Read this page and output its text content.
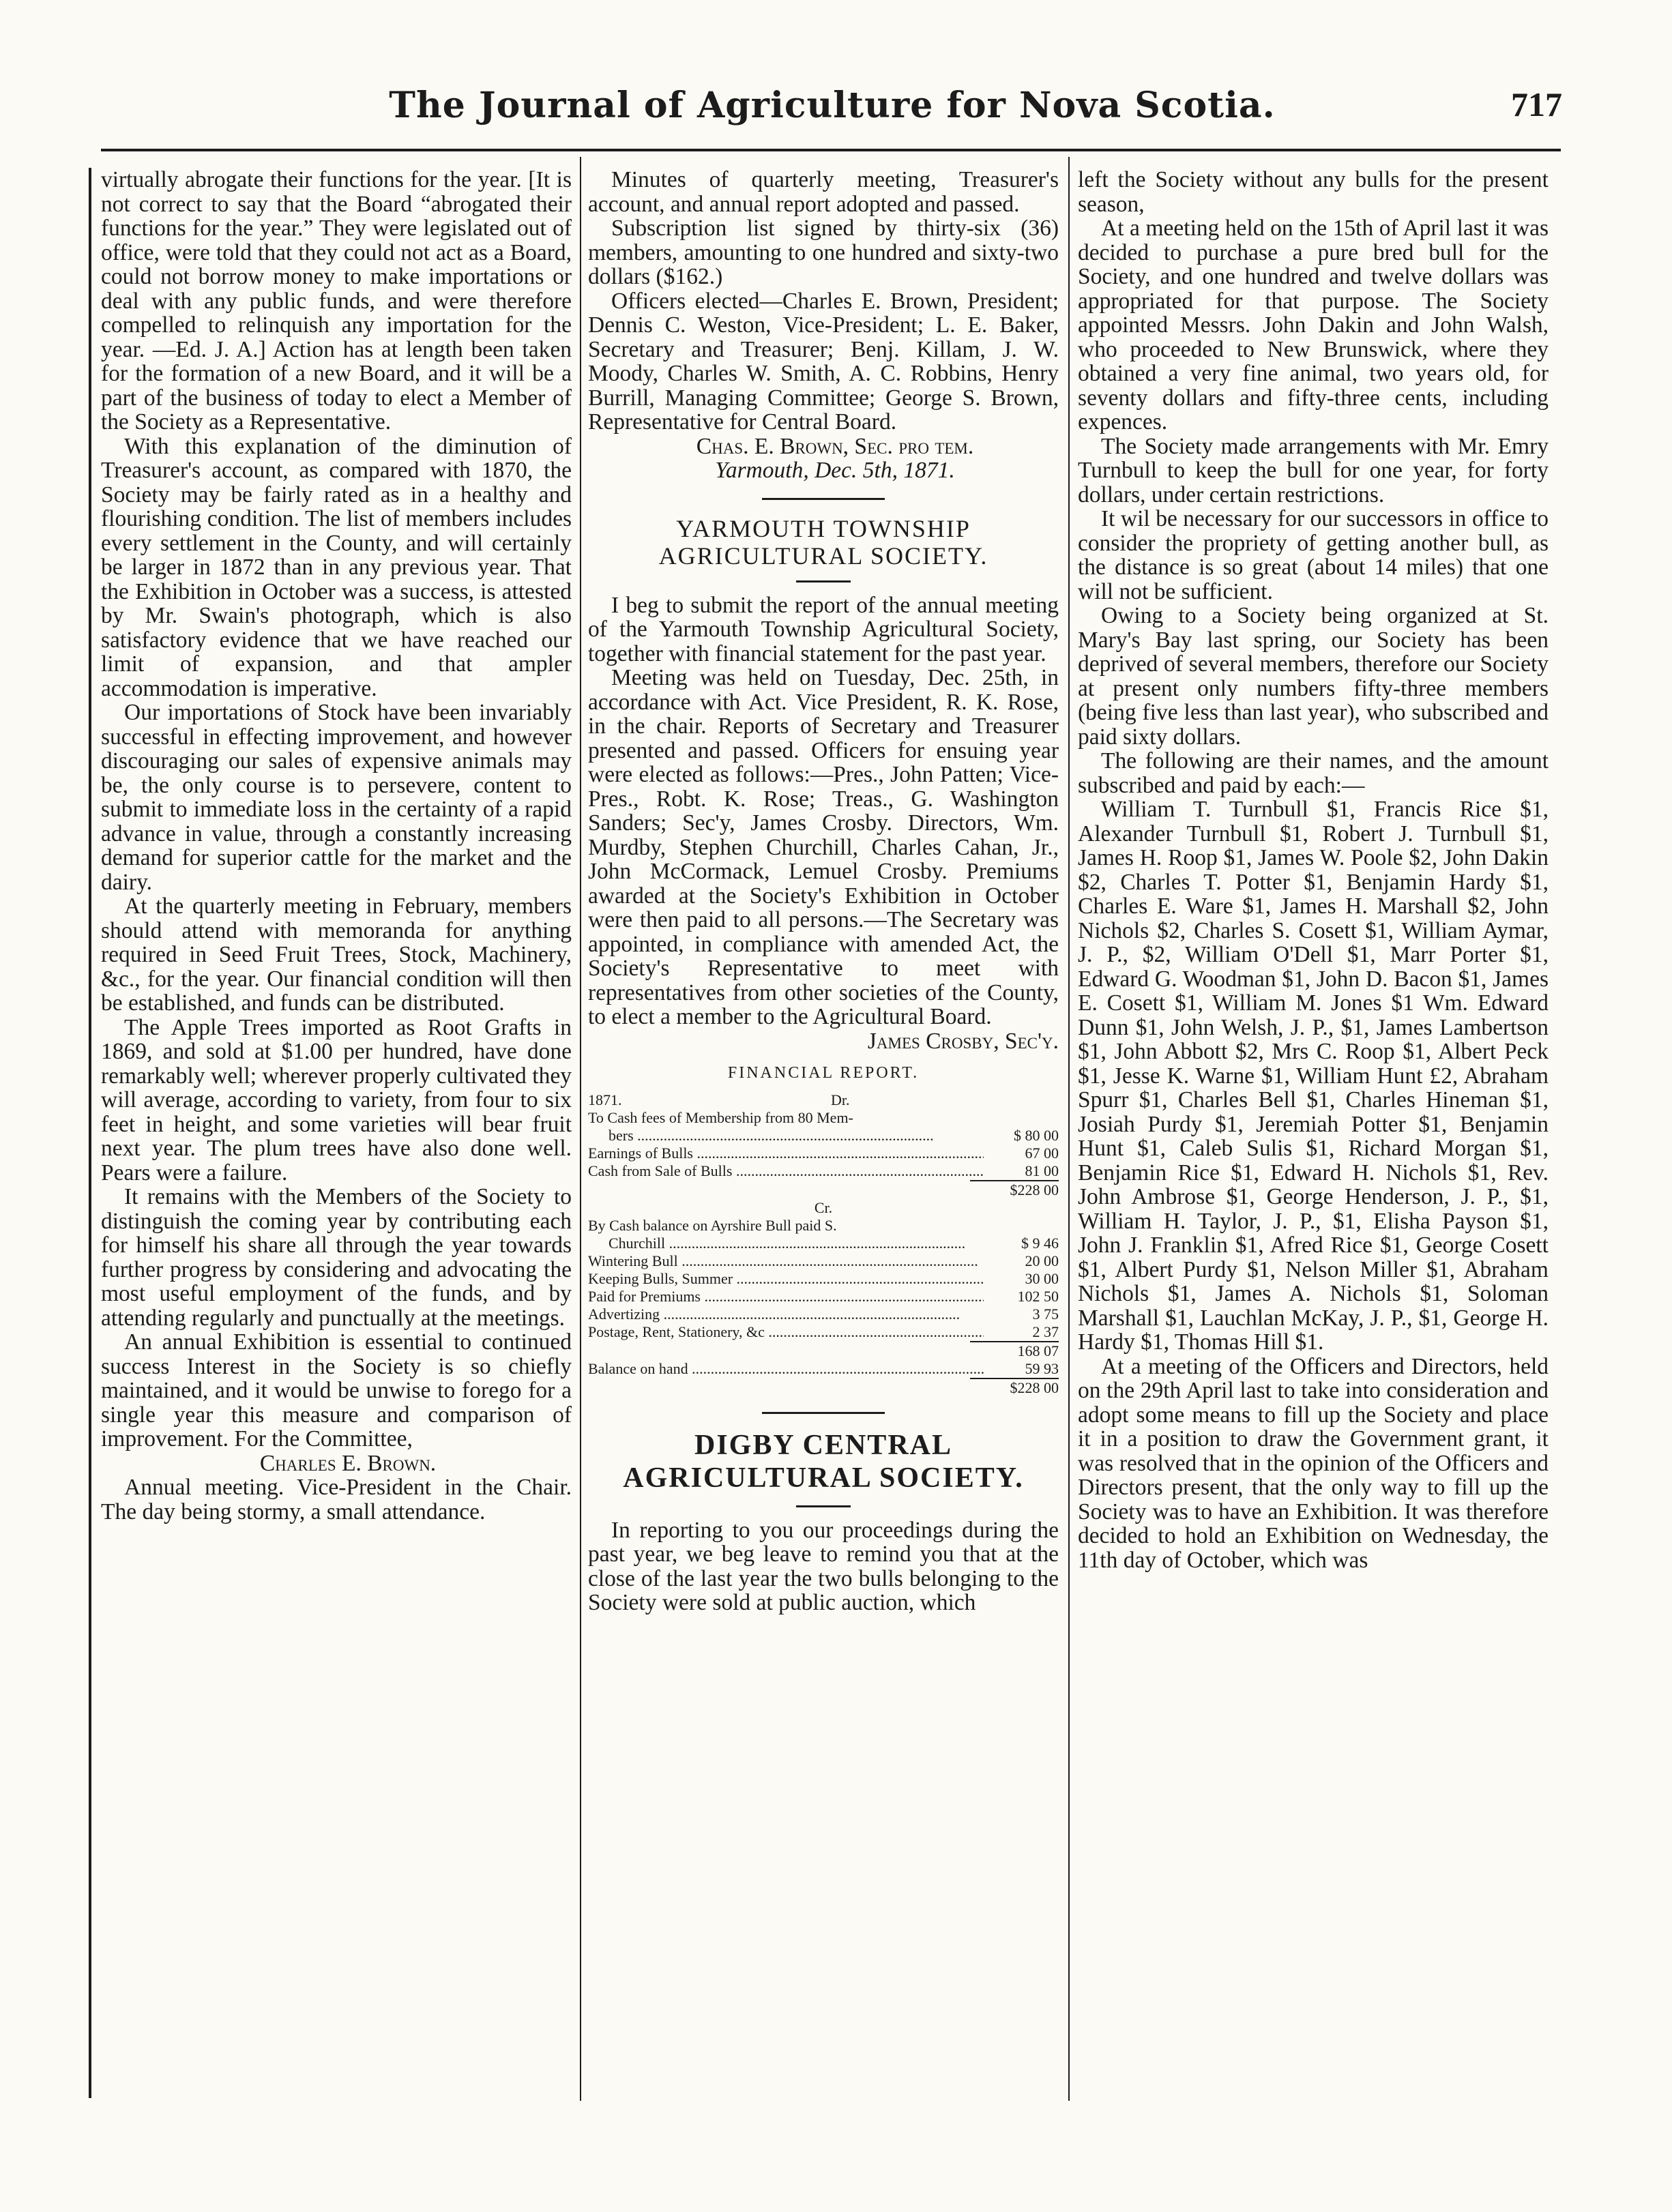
The Journal of Agriculture for Nova Scotia.	717

virtually abrogate their functions for the year. [It is not correct to say that the Board “abrogated their functions for the year.” They were legislated out of office, were told that they could not act as a Board, could not borrow money to make importations or deal with any public funds, and were therefore compelled to relinquish any importation for the year. —Ed. J. A.] Action has at length been taken for the formation of a new Board, and it will be a part of the business of today to elect a Member of the Society as a Representative.

With this explanation of the diminution of Treasurer's account, as compared with 1870, the Society may be fairly rated as in a healthy and flourishing condition. The list of members includes every settlement in the County, and will certainly be larger in 1872 than in any previous year. That the Exhibition in October was a success, is attested by Mr. Swain's photograph, which is also satisfactory evidence that we have reached our limit of expansion, and that ampler accommodation is imperative.

Our importations of Stock have been invariably successful in effecting improvement, and however discouraging our sales of expensive animals may be, the only course is to persevere, content to submit to immediate loss in the certainty of a rapid advance in value, through a constantly increasing demand for superior cattle for the market and the dairy.

At the quarterly meeting in February, members should attend with memoranda for anything required in Seed Fruit Trees, Stock, Machinery, &c., for the year. Our financial condition will then be established, and funds can be distributed.

The Apple Trees imported as Root Grafts in 1869, and sold at $1.00 per hundred, have done remarkably well; wherever properly cultivated they will average, according to variety, from four to six feet in height, and some varieties will bear fruit next year. The plum trees have also done well. Pears were a failure.

It remains with the Members of the Society to distinguish the coming year by contributing each for himself his share all through the year towards further progress by considering and advocating the most useful employment of the funds, and by attending regularly and punctually at the meetings.

An annual Exhibition is essential to continued success Interest in the Society is so chiefly maintained, and it would be unwise to forego for a single year this measure and comparison of improvement. For the Committee,

Charles E. Brown.

Annual meeting. Vice-President in the Chair. The day being stormy, a small attendance.

Minutes of quarterly meeting, Treasurer's account, and annual report adopted and passed.

Subscription list signed by thirty-six (36) members, amounting to one hundred and sixty-two dollars ($162.)

Officers elected—Charles E. Brown, President; Dennis C. Weston, Vice-President; L. E. Baker, Secretary and Treasurer; Benj. Killam, J. W. Moody, Charles W. Smith, A. C. Robbins, Henry Burrill, Managing Committee; George S. Brown, Representative for Central Board.

Chas. E. Brown, Sec. pro tem.

Yarmouth, Dec. 5th, 1871.

YARMOUTH TOWNSHIP AGRICULTURAL SOCIETY.

I beg to submit the report of the annual meeting of the Yarmouth Township Agricultural Society, together with financial statement for the past year.

Meeting was held on Tuesday, Dec. 25th, in accordance with Act. Vice President, R. K. Rose, in the chair. Reports of Secretary and Treasurer presented and passed. Officers for ensuing year were elected as follows:—Pres., John Patten; Vice-Pres., Robt. K. Rose; Treas., G. Washington Sanders; Sec'y, James Crosby. Directors, Wm. Murdby, Stephen Churchill, Charles Cahan, Jr., John McCormack, Lemuel Crosby. Premiums awarded at the Society's Exhibition in October were then paid to all persons.—The Secretary was appointed, in compliance with amended Act, the Society's Representative to meet with representatives from other societies of the County, to elect a member to the Agricultural Board.

James Crosby, Sec'y.

FINANCIAL REPORT.
1871.	Dr.
To Cash fees of Membership from 80 Mem-
bers .....	$ 80 00
Earnings of Bulls .....	67 00
Cash from Sale of Bulls .....	81 00
$228 00
Cr.
By Cash balance on Ayrshire Bull paid S.
Churchill .....	$ 9 46
Wintering Bull .....	20 00
Keeping Bulls, Summer .....	30 00
Paid for Premiums .....	102 50
Advertizing .....	3 75
Postage, Rent, Stationery, &c .....	2 37
168 07
Balance on hand .....	59 93
$228 00
DIGBY CENTRAL AGRICULTURAL SOCIETY.

In reporting to you our proceedings during the past year, we beg leave to remind you that at the close of the last year the two bulls belonging to the Society were sold at public auction, which

left the Society without any bulls for the present season,

At a meeting held on the 15th of April last it was decided to purchase a pure bred bull for the Society, and one hundred and twelve dollars was appropriated for that purpose. The Society appointed Messrs. John Dakin and John Walsh, who proceeded to New Brunswick, where they obtained a very fine animal, two years old, for seventy dollars and fifty-three cents, including expences.

The Society made arrangements with Mr. Emry Turnbull to keep the bull for one year, for forty dollars, under certain restrictions.

It wil be necessary for our successors in office to consider the propriety of getting another bull, as the distance is so great (about 14 miles) that one will not be sufficient.

Owing to a Society being organized at St. Mary's Bay last spring, our Society has been deprived of several members, therefore our Society at present only numbers fifty-three members (being five less than last year), who subscribed and paid sixty dollars.

The following are their names, and the amount subscribed and paid by each:—

William T. Turnbull $1, Francis Rice $1, Alexander Turnbull $1, Robert J. Turnbull $1, James H. Roop $1, James W. Poole $2, John Dakin $2, Charles T. Potter $1, Benjamin Hardy $1, Charles E. Ware $1, James H. Marshall $2, John Nichols $2, Charles S. Cosett $1, William Aymar, J. P., $2, William O'Dell $1, Marr Porter $1, Edward G. Woodman $1, John D. Bacon $1, James E. Cosett $1, William M. Jones $1 Wm. Edward Dunn $1, John Welsh, J. P., $1, James Lambertson $1, John Abbott $2, Mrs C. Roop $1, Albert Peck $1, Jesse K. Warne $1, William Hunt £2, Abraham Spurr $1, Charles Bell $1, Charles Hineman $1, Josiah Purdy $1, Jeremiah Potter $1, Benjamin Hunt $1, Caleb Sulis $1, Richard Morgan $1, Benjamin Rice $1, Edward H. Nichols $1, Rev. John Ambrose $1, George Henderson, J. P., $1, William H. Taylor, J. P., $1, Elisha Payson $1, John J. Franklin $1, Afred Rice $1, George Cosett $1, Albert Purdy $1, Nelson Miller $1, Abraham Nichols $1, James A. Nichols $1, Soloman Marshall $1, Lauchlan McKay, J. P., $1, George H. Hardy $1, Thomas Hill $1.

At a meeting of the Officers and Directors, held on the 29th April last to take into consideration and adopt some means to fill up the Society and place it in a position to draw the Government grant, it was resolved that in the opinion of the Officers and Directors present, that the only way to fill up the Society was to have an Exhibition. It was therefore decided to hold an Exhibition on Wednesday, the 11th day of October, which was
